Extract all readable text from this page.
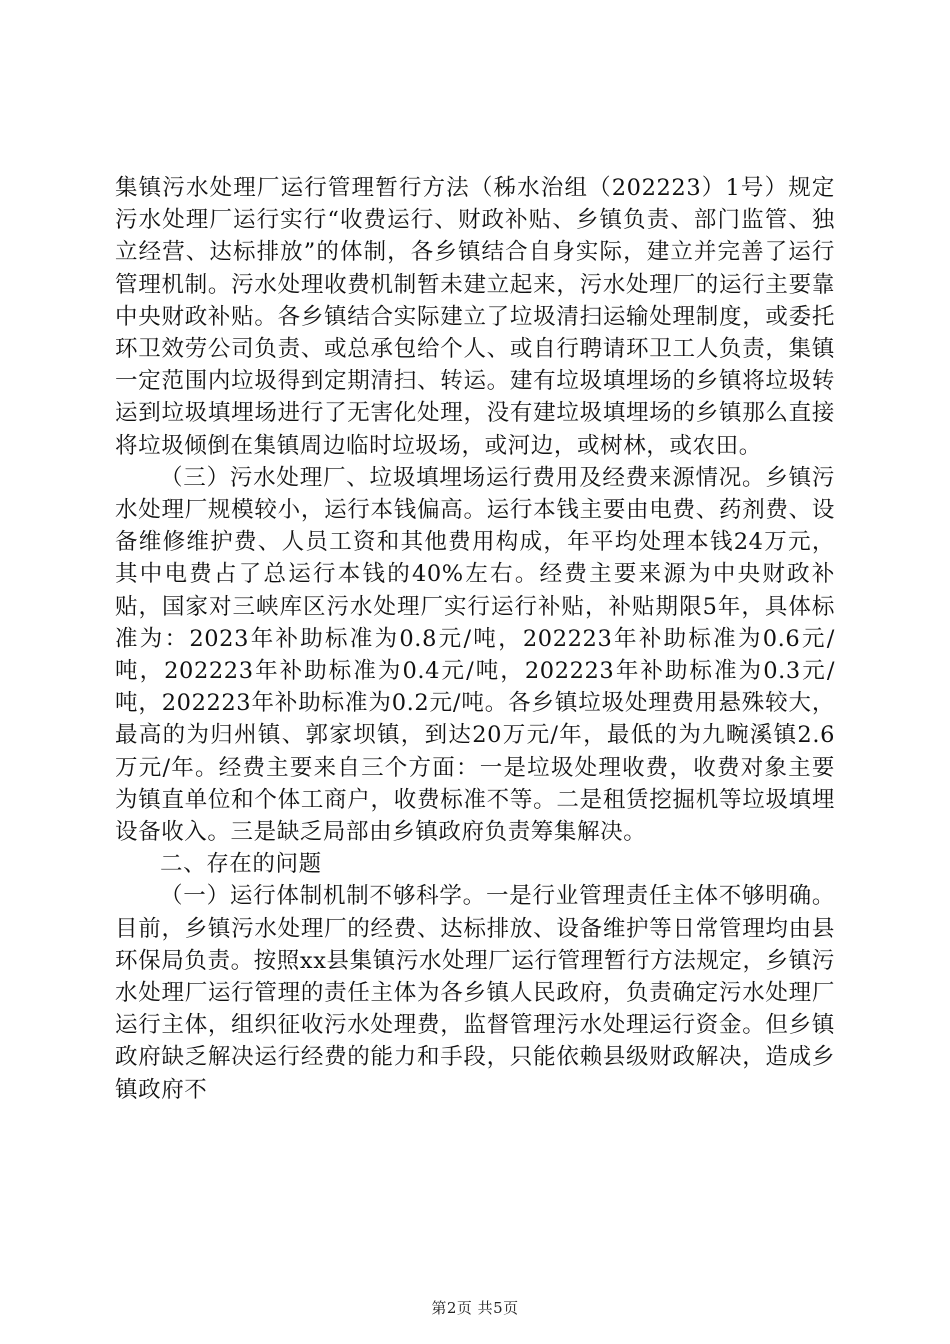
集镇污水处理厂运行管理暂行方法（秭水治组（202223）1号）规定污水处理厂运行实行“收费运行、财政补贴、乡镇负责、部门监管、独立经营、达标排放”的体制，各乡镇结合自身实际，建立并完善了运行管理机制。污水处理收费机制暂未建立起来，污水处理厂的运行主要靠中央财政补贴。各乡镇结合实际建立了垃圾清扫运输处理制度，或委托环卫效劳公司负责、或总承包给个人、或自行聘请环卫工人负责，集镇一定范围内垃圾得到定期清扫、转运。建有垃圾填埋场的乡镇将垃圾转运到垃圾填埋场进行了无害化处理，没有建垃圾填埋场的乡镇那么直接将垃圾倾倒在集镇周边临时垃圾场，或河边，或树林，或农田。

（三）污水处理厂、垃圾填埋场运行费用及经费来源情况。乡镇污水处理厂规模较小，运行本钱偏高。运行本钱主要由电费、药剂费、设备维修维护费、人员工资和其他费用构成，年平均处理本钱24万元，其中电费占了总运行本钱的40%左右。经费主要来源为中央财政补贴，国家对三峡库区污水处理厂实行运行补贴，补贴期限5年，具体标准为：2023年补助标准为0.8元/吨，202223年补助标准为0.6元/吨，202223年补助标准为0.4元/吨，202223年补助标准为0.3元/吨，202223年补助标准为0.2元/吨。各乡镇垃圾处理费用悬殊较大，最高的为归州镇、郭家坝镇，到达20万元/年，最低的为九畹溪镇2.6万元/年。经费主要来自三个方面：一是垃圾处理收费，收费对象主要为镇直单位和个体工商户，收费标准不等。二是租赁挖掘机等垃圾填埋设备收入。三是缺乏局部由乡镇政府负责筹集解决。

二、存在的问题

（一）运行体制机制不够科学。一是行业管理责任主体不够明确。目前，乡镇污水处理厂的经费、达标排放、设备维护等日常管理均由县环保局负责。按照xx县集镇污水处理厂运行管理暂行方法规定，乡镇污水处理厂运行管理的责任主体为各乡镇人民政府，负责确定污水处理厂运行主体，组织征收污水处理费，监督管理污水处理运行资金。但乡镇政府缺乏解决运行经费的能力和手段，只能依赖县级财政解决，造成乡镇政府不

第2页 共5页
